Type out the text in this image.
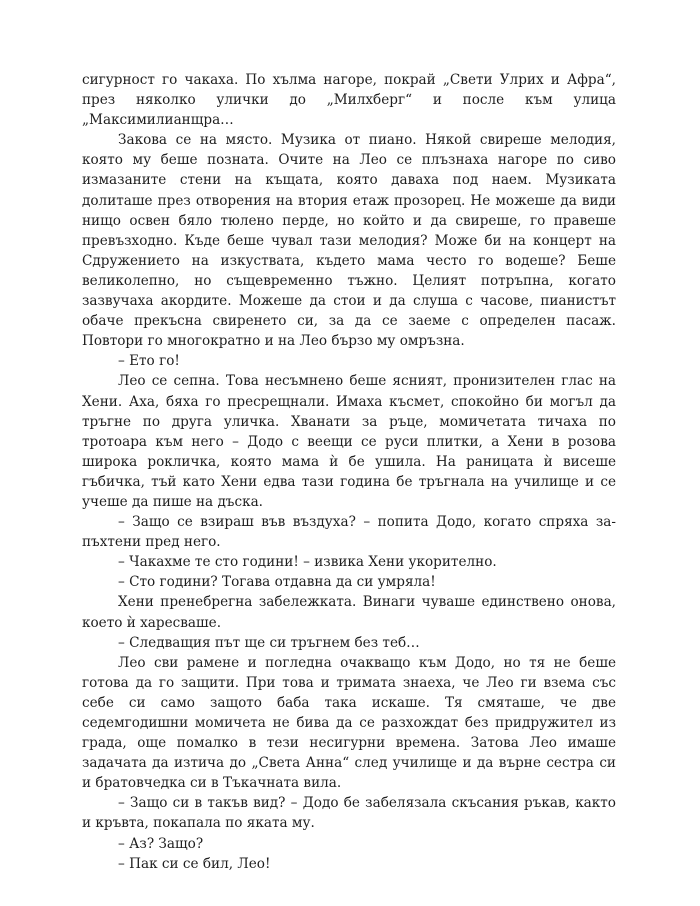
сигурност го чакаха. По хълма нагоре, покрай „Свети Улрих и Афра“, през няколко улички до „Милхберг“ и после към улица „Максимилианщра…

Закова се на място. Музика от пиано. Някой свиреше мелодия, която му беше позната. Очите на Лео се плъзнаха нагоре по сиво измазаните стени на къщата, която даваха под наем. Музиката долиташе през отворения на втория етаж прозорец. Не можеше да види нищо освен бяло тюлено перде, но който и да свиреше, го правеше превъзходно. Къде беше чувал тази мелодия? Може би на концерт на Сдружението на изкуствата, където мама често го водеше? Беше великолепно, но същевременно тъжно. Целият потръпна, когато зазвучаха акордите. Можеше да стои и да слуша с часове, пианистът обаче прекъсна свиренето си, за да се заеме с определен пасаж. Повтори го многократно и на Лео бързо му омръзна.

– Ето го!

Лео се сепна. Това несъмнено беше ясният, пронизителен глас на Хени. Аха, бяха го пресрещнали. Имаха късмет, спокойно би могъл да тръгне по друга уличка. Хванати за ръце, момичетата тичаха по тротоара към него – Додо с веещи се руси плитки, а Хени в розова широка рокличка, която мама ѝ бе ушила. На раницата ѝ висеше гъбичка, тъй като Хени едва тази година бе тръгнала на училище и се учеше да пише на дъска.

– Защо се взираш във въздуха? – попита Додо, когато спряха запъхтени пред него.

– Чакахме те сто години! – извика Хени укорително.

– Сто години? Тогава отдавна да си умряла!

Хени пренебрегна забележката. Винаги чуваше единствено онова, което ѝ харесваше.

– Следващия път ще си тръгнем без теб…

Лео сви рамене и погледна очакващо към Додо, но тя не беше готова да го защити. При това и тримата знаеха, че Лео ги взема със себе си само защото баба така искаше. Тя смяташе, че две седемгодишни момичета не бива да се разхождат без придружител из града, още помалко в тези несигурни времена. Затова Лео имаше задачата да изтича до „Света Анна“ след училище и да върне сестра си и братовчедка си в Тъкачната вила.

– Защо си в такъв вид? – Додо бе забелязала скъсания ръкав, както и кръвта, покапала по яката му.

– Аз? Защо?

– Пак си се бил, Лео!
